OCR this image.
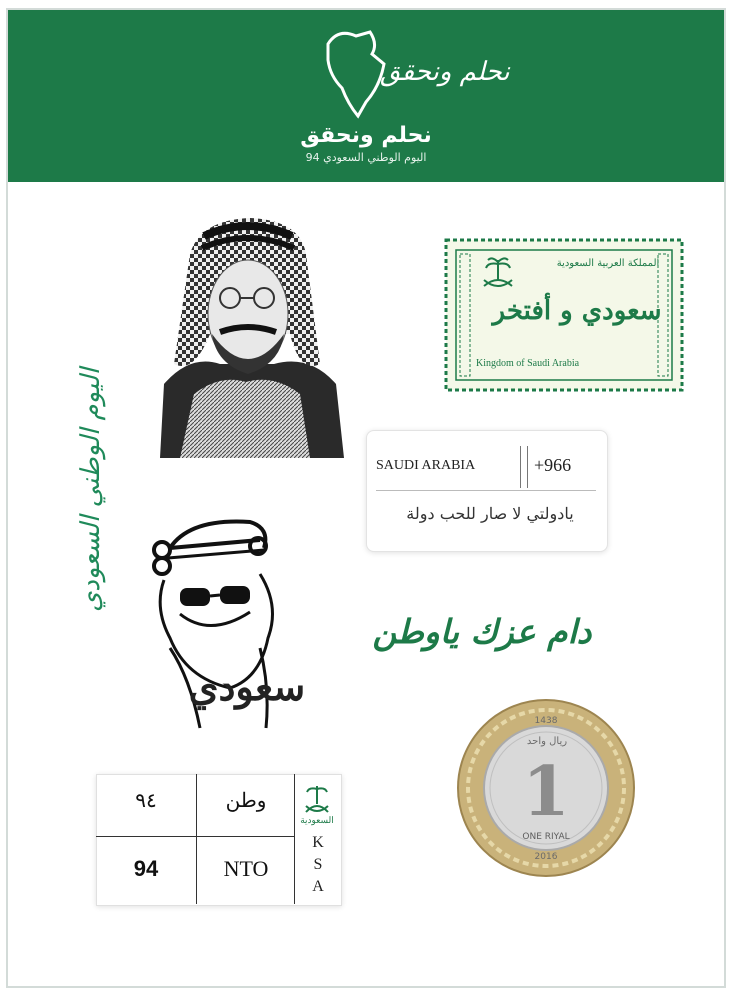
نحلم ونحقق
نحلم ونحقق
اليوم الوطني السعودي 94
المملكة العربية السعودية
سعودي و أفتخر
Kingdom of Saudi Arabia
SAUDI ARABIA	+966
يادولتي لا صار للحب دولة
اليوم الوطني السعودي
سعودي
دام عزك ياوطن
1438
ريال واحد
1
ONE RIYAL
2016
٩٤	وطن
94	NTO
السعودية
K
S
A
